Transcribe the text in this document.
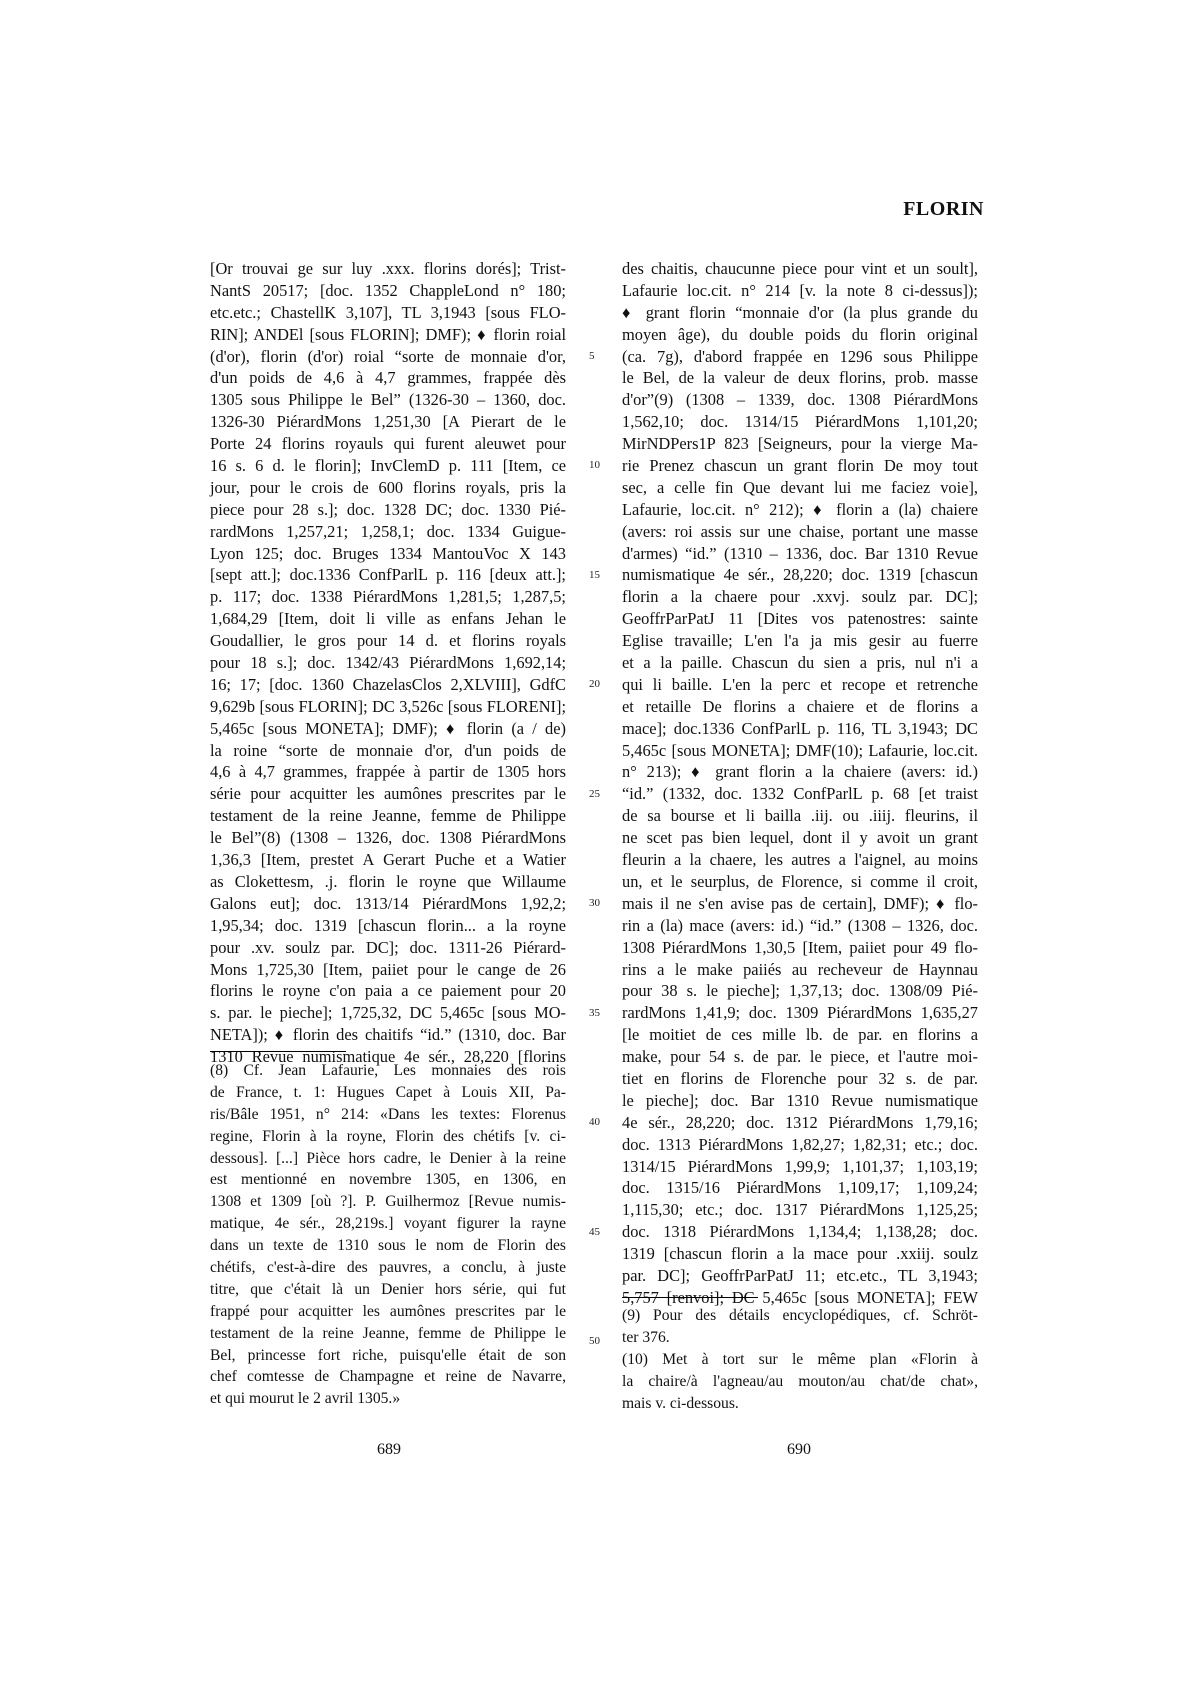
FLORIN
[Or trouvai ge sur luy .xxx. florins dorés]; Trist-
NantS 20517; [doc. 1352 ChappleLond n° 180;
etc.etc.; ChastellK 3,107], TL 3,1943 [sous FLO-
RIN]; ANDEl [sous FLORIN]; DMF); ♦ florin roial
(d'or), florin (d'or) roial “sorte de monnaie d'or,
d'un poids de 4,6 à 4,7 grammes, frappée dès
1305 sous Philippe le Bel” (1326-30 – 1360, doc.
1326-30 PiérardMons 1,251,30 [A Pierart de le
Porte 24 florins royauls qui furent aleuwet pour
16 s. 6 d. le florin]; InvClemD p. 111 [Item, ce
jour, pour le crois de 600 florins royals, pris la
piece pour 28 s.]; doc. 1328 DC; doc. 1330 Pié-
rardMons 1,257,21; 1,258,1; doc. 1334 Guigue-
Lyon 125; doc. Bruges 1334 MantouVoc X 143
[sept att.]; doc.1336 ConfParlL p. 116 [deux att.];
p. 117; doc. 1338 PiérardMons 1,281,5; 1,287,5;
1,684,29 [Item, doit li ville as enfans Jehan le
Goudallier, le gros pour 14 d. et florins royals
pour 18 s.]; doc. 1342/43 PiérardMons 1,692,14;
16; 17; [doc. 1360 ChazelasClos 2,XLVIII], GdfC
9,629b [sous FLORIN]; DC 3,526c [sous FLORENI];
5,465c [sous MONETA]; DMF); ♦ florin (a / de)
la roine “sorte de monnaie d'or, d'un poids de
4,6 à 4,7 grammes, frappée à partir de 1305 hors
série pour acquitter les aumônes prescrites par le
testament de la reine Jeanne, femme de Philippe
le Bel”(8) (1308 – 1326, doc. 1308 PiérardMons
1,36,3 [Item, prestet A Gerart Puche et a Watier
as Clokettesm, .j. florin le royne que Willaume
Galons eut]; doc. 1313/14 PiérardMons 1,92,2;
1,95,34; doc. 1319 [chascun florin... a la royne
pour .xv. soulz par. DC]; doc. 1311-26 Piérard-
Mons 1,725,30 [Item, paiiet pour le cange de 26
florins le royne c'on paia a ce paiement pour 20
s. par. le pieche]; 1,725,32, DC 5,465c [sous MO-
NETA]); ♦ florin des chaitifs “id.” (1310, doc. Bar
1310 Revue numismatique 4e sér., 28,220 [florins
des chaitis, chaucunne piece pour vint et un soult],
Lafaurie loc.cit. n° 214 [v. la note 8 ci-dessus]);
♦ grant florin “monnaie d'or (la plus grande du
moyen âge), du double poids du florin original
(ca. 7g), d'abord frappée en 1296 sous Philippe
le Bel, de la valeur de deux florins, prob. masse
d'or”(9) (1308 – 1339, doc. 1308 PiérardMons
1,562,10; doc. 1314/15 PiérardMons 1,101,20;
MirNDPers1P 823 [Seigneurs, pour la vierge Ma-
rie Prenez chascun un grant florin De moy tout
sec, a celle fin Que devant lui me faciez voie],
Lafaurie, loc.cit. n° 212); ♦ florin a (la) chaiere
(avers: roi assis sur une chaise, portant une masse
d'armes) “id.” (1310 – 1336, doc. Bar 1310 Revue
numismatique 4e sér., 28,220; doc. 1319 [chascun
florin a la chaere pour .xxvj. soulz par. DC];
GeoffrParPatJ 11 [Dites vos patenostres: sainte
Eglise travaille; L'en l'a ja mis gesir au fuerre
et a la paille. Chascun du sien a pris, nul n'i a
qui li baille. L'en la perc et recope et retrenche
et retaille De florins a chaiere et de florins a
mace]; doc.1336 ConfParlL p. 116, TL 3,1943; DC
5,465c [sous MONETA]; DMF(10); Lafaurie, loc.cit.
n° 213); ♦ grant florin a la chaiere (avers: id.)
“id.” (1332, doc. 1332 ConfParlL p. 68 [et traist
de sa bourse et li bailla .iij. ou .iiij. fleurins, il
ne scet pas bien lequel, dont il y avoit un grant
fleurin a la chaere, les autres a l'aignel, au moins
un, et le seurplus, de Florence, si comme il croit,
mais il ne s'en avise pas de certain], DMF); ♦ flo-
rin a (la) mace (avers: id.) “id.” (1308 – 1326, doc.
1308 PiérardMons 1,30,5 [Item, paiiet pour 49 flo-
rins a le make paiiés au recheveur de Haynnau
pour 38 s. le pieche]; 1,37,13; doc. 1308/09 Pié-
rardMons 1,41,9; doc. 1309 PiérardMons 1,635,27
[le moitiet de ces mille lb. de par. en florins a
make, pour 54 s. de par. le piece, et l'autre moi-
tiet en florins de Florenche pour 32 s. de par.
le pieche]; doc. Bar 1310 Revue numismatique
4e sér., 28,220; doc. 1312 PiérardMons 1,79,16;
doc. 1313 PiérardMons 1,82,27; 1,82,31; etc.; doc.
1314/15 PiérardMons 1,99,9; 1,101,37; 1,103,19;
doc. 1315/16 PiérardMons 1,109,17; 1,109,24;
1,115,30; etc.; doc. 1317 PiérardMons 1,125,25;
doc. 1318 PiérardMons 1,134,4; 1,138,28; doc.
1319 [chascun florin a la mace pour .xxiij. soulz
par. DC]; GeoffrParPatJ 11; etc.etc., TL 3,1943;
5,757 [renvoi]; DC 5,465c [sous MONETA]; FEW
5
10
15
20
25
30
35
40
45
50
(8) Cf. Jean Lafaurie, Les monnaies des rois
de France, t. 1: Hugues Capet à Louis XII, Pa-
ris/Bâle 1951, n° 214: «Dans les textes: Florenus
regine, Florin à la royne, Florin des chétifs [v. ci-
dessous]. [...] Pièce hors cadre, le Denier à la reine
est mentionné en novembre 1305, en 1306, en
1308 et 1309 [où ?]. P. Guilhermoz [Revue numis-
matique, 4e sér., 28,219s.] voyant figurer la rayne
dans un texte de 1310 sous le nom de Florin des
chétifs, c'est-à-dire des pauvres, a conclu, à juste
titre, que c'était là un Denier hors série, qui fut
frappé pour acquitter les aumônes prescrites par le
testament de la reine Jeanne, femme de Philippe le
Bel, princesse fort riche, puisqu'elle était de son
chef comtesse de Champagne et reine de Navarre,
et qui mourut le 2 avril 1305.»
(9) Pour des détails encyclopédiques, cf. Schröt-
ter 376.
(10) Met à tort sur le même plan «Florin à
la chaire/à l'agneau/au mouton/au chat/de chat»,
mais v. ci-dessous.
689	690
